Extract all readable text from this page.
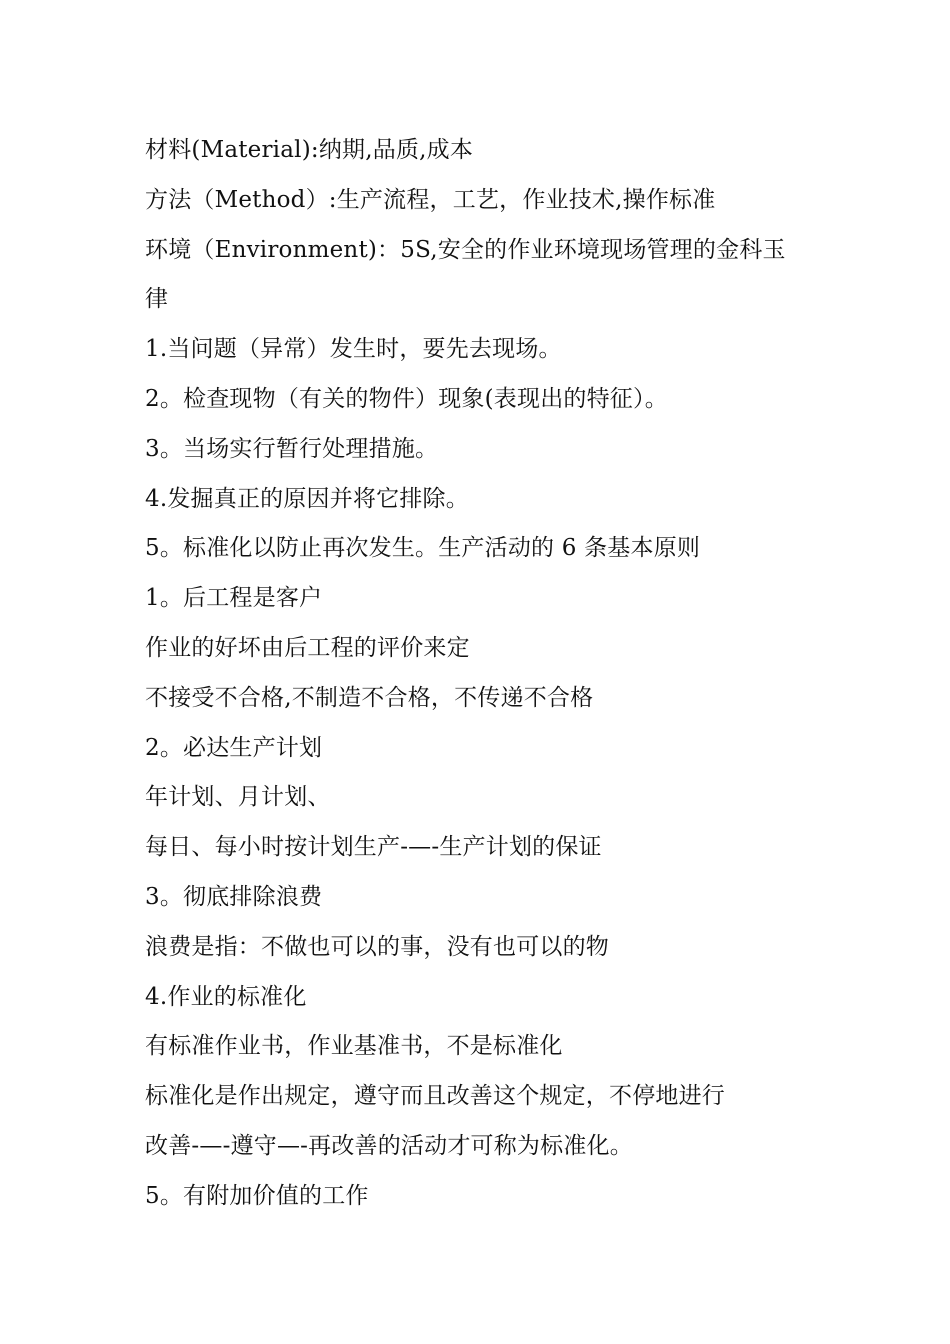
材料(Material):纳期,品质,成本
方法（Method）:生产流程，工艺，作业技术,操作标准
环境（Environment)：5S,安全的作业环境现场管理的金科玉
律
1.当问题（异常）发生时，要先去现场。
2。检查现物（有关的物件）现象(表现出的特征）。
3。当场实行暂行处理措施。
4.发掘真正的原因并将它排除。
5。标准化以防止再次发生。生产活动的 6 条基本原则
1。后工程是客户
作业的好坏由后工程的评价来定
不接受不合格,不制造不合格，不传递不合格
2。必达生产计划
年计划、月计划、
每日、每小时按计划生产-—-生产计划的保证
3。彻底排除浪费
浪费是指：不做也可以的事，没有也可以的物
4.作业的标准化
有标准作业书，作业基准书，不是标准化
标准化是作出规定，遵守而且改善这个规定，不停地进行
改善-—-遵守—-再改善的活动才可称为标准化。
5。有附加价值的工作
